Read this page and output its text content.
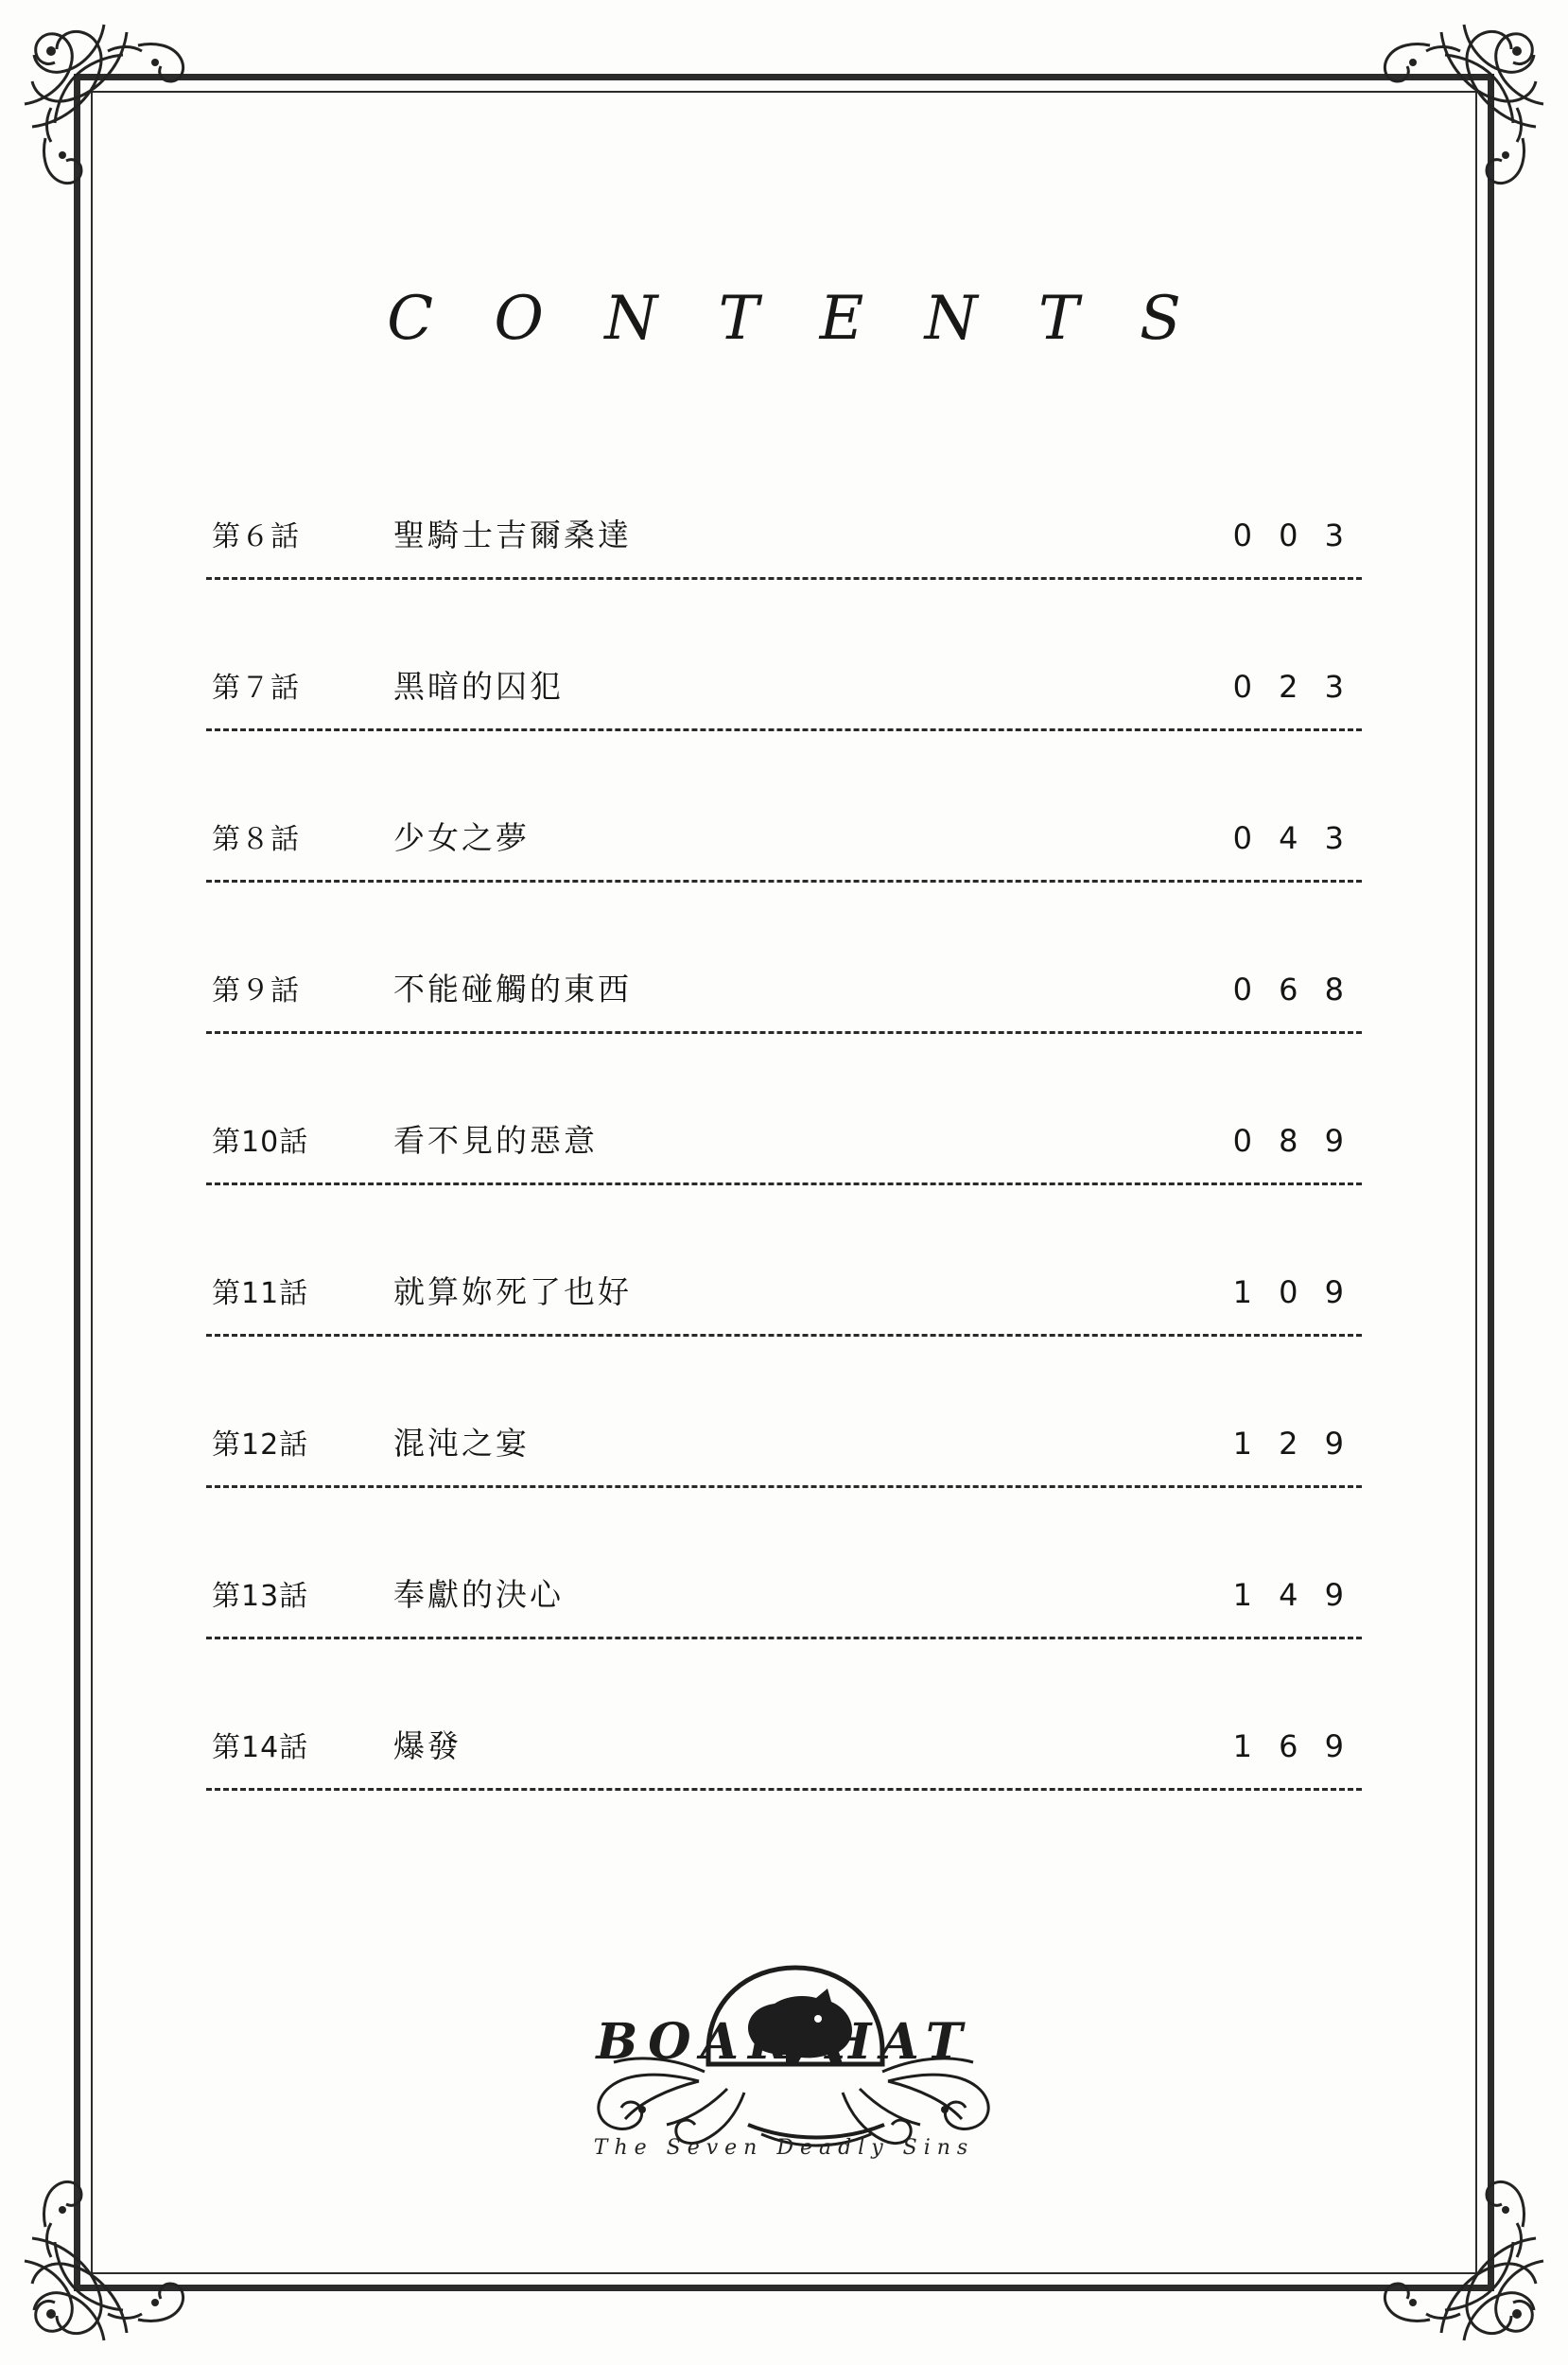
C O N T E N T S
第６話	聖騎士吉爾桑達	0 0 3
第７話	黑暗的囚犯	0 2 3
第８話	少女之夢	0 4 3
第９話	不能碰觸的東西	0 6 8
第10話	看不見的惡意	0 8 9
第11話	就算妳死了也好	1 0 9
第12話	混沌之宴	1 2 9
第13話	奉獻的決心	1 4 9
第14話	爆發	1 6 9
BOAR HAT
The Seven Deadly Sins
